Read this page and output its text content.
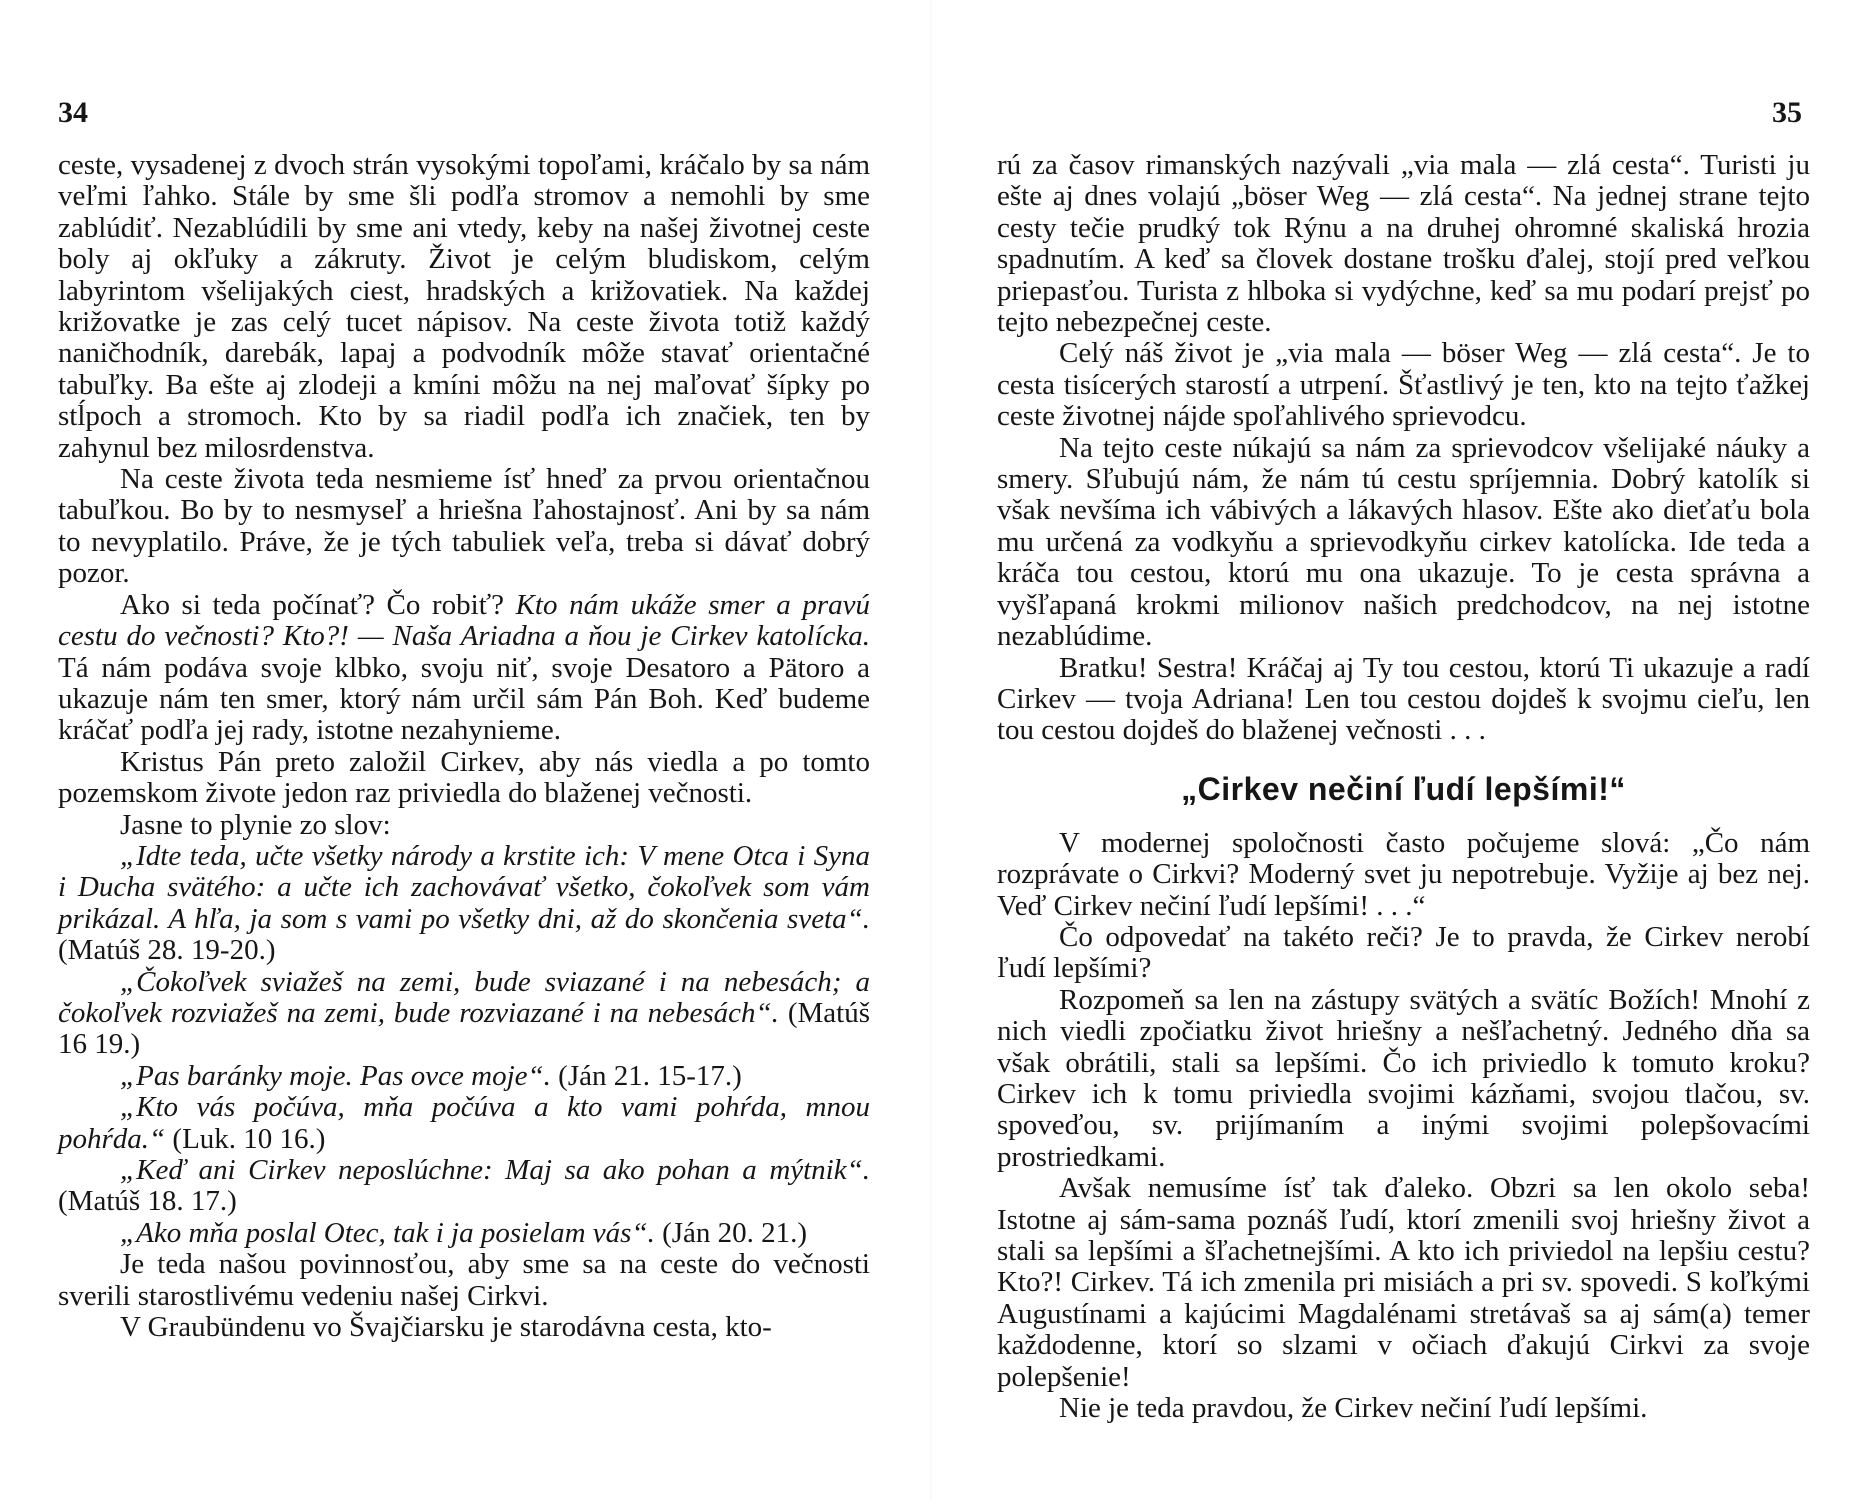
34

ceste, vysadenej z dvoch strán vysokými topoľami, kráčalo by sa nám veľmi ľahko. Stále by sme šli podľa stromov a nemohli by sme zablúdiť. Nezablúdili by sme ani vtedy, keby na našej životnej ceste boly aj okľuky a zákruty. Život je celým bludiskom, celým labyrintom všelijakých ciest, hradských a križovatiek. Na každej križovatke je zas celý tucet nápisov. Na ceste života totiž každý naničhodník, darebák, lapaj a podvodník môže stavať orientačné tabuľky. Ba ešte aj zlodeji a kmíni môžu na nej maľovať šípky po stĺpoch a stromoch. Kto by sa riadil podľa ich značiek, ten by zahynul bez milosrdenstva.

Na ceste života teda nesmieme ísť hneď za prvou orientačnou tabuľkou. Bo by to nesmyseľ a hriešna ľahostajnosť. Ani by sa nám to nevyplatilo. Práve, že je tých tabuliek veľa, treba si dávať dobrý pozor.

Ako si teda počínať? Čo robiť? Kto nám ukáže smer a pravú cestu do večnosti? Kto?! — Naša Ariadna a ňou je Cirkev katolícka. Tá nám podáva svoje klbko, svoju niť, svoje Desatoro a Pätoro a ukazuje nám ten smer, ktorý nám určil sám Pán Boh. Keď budeme kráčať podľa jej rady, istotne nezahynieme.

Kristus Pán preto založil Cirkev, aby nás viedla a po tomto pozemskom živote jedon raz priviedla do blaženej večnosti.

Jasne to plynie zo slov:

„Idte teda, učte všetky národy a krstite ich: V mene Otca i Syna i Ducha svätého: a učte ich zachovávať všetko, čokoľvek som vám prikázal. A hľa, ja som s vami po všetky dni, až do skončenia sveta“. (Matúš 28. 19-20.)

„Čokoľvek sviažeš na zemi, bude sviazané i na nebesách; a čokoľvek rozviažeš na zemi, bude rozviazané i na nebesách“. (Matúš 16 19.)

„Pas baránky moje. Pas ovce moje“. (Ján 21. 15-17.)

„Kto vás počúva, mňa počúva a kto vami pohŕda, mnou pohŕda.“ (Luk. 10 16.)

„Keď ani Cirkev neposlúchne: Maj sa ako pohan a mýtnik“. (Matúš 18. 17.)

„Ako mňa poslal Otec, tak i ja posielam vás“. (Ján 20. 21.)

Je teda našou povinnosťou, aby sme sa na ceste do večnosti sverili starostlivému vedeniu našej Cirkvi.

V Graubündenu vo Švajčiarsku je starodávna cesta, kto-

35

rú za časov rimanských nazývali „via mala — zlá cesta“. Turisti ju ešte aj dnes volajú „böser Weg — zlá cesta“. Na jednej strane tejto cesty tečie prudký tok Rýnu a na druhej ohromné skaliská hrozia spadnutím. A keď sa človek dostane trošku ďalej, stojí pred veľkou priepasťou. Turista z hlboka si vydýchne, keď sa mu podarí prejsť po tejto nebezpečnej ceste.

Celý náš život je „via mala — böser Weg — zlá cesta“. Je to cesta tisícerých starostí a utrpení. Šťastlivý je ten, kto na tejto ťažkej ceste životnej nájde spoľahlivého sprievodcu.

Na tejto ceste núkajú sa nám za sprievodcov všelijaké náuky a smery. Sľubujú nám, že nám tú cestu spríjemnia. Dobrý katolík si však nevšíma ich vábivých a lákavých hlasov. Ešte ako dieťaťu bola mu určená za vodkyňu a sprievodkyňu cirkev katolícka. Ide teda a kráča tou cestou, ktorú mu ona ukazuje. To je cesta správna a vyšľapaná krokmi milionov našich predchodcov, na nej istotne nezablúdime.

Bratku! Sestra! Kráčaj aj Ty tou cestou, ktorú Ti ukazuje a radí Cirkev — tvoja Adriana! Len tou cestou dojdeš k svojmu cieľu, len tou cestou dojdeš do blaženej večnosti . . .

„Cirkev nečiní ľudí lepšími!“

V modernej spoločnosti často počujeme slová: „Čo nám rozprávate o Cirkvi? Moderný svet ju nepotrebuje. Vyžije aj bez nej. Veď Cirkev nečiní ľudí lepšími! . . .“

Čo odpovedať na takéto reči? Je to pravda, že Cirkev nerobí ľudí lepšími?

Rozpomeň sa len na zástupy svätých a svätíc Božích! Mnohí z nich viedli zpočiatku život hriešny a nešľachetný. Jedného dňa sa však obrátili, stali sa lepšími. Čo ich priviedlo k tomuto kroku? Cirkev ich k tomu priviedla svojimi kázňami, svojou tlačou, sv. spoveďou, sv. prijímaním a inými svojimi polepšovacími prostriedkami.

Avšak nemusíme ísť tak ďaleko. Obzri sa len okolo seba! Istotne aj sám-sama poznáš ľudí, ktorí zmenili svoj hriešny život a stali sa lepšími a šľachetnejšími. A kto ich priviedol na lepšiu cestu? Kto?! Cirkev. Tá ich zmenila pri misiách a pri sv. spovedi. S koľkými Augustínami a kajúcimi Magdalénami stretávaš sa aj sám(a) temer každodenne, ktorí so slzami v očiach ďakujú Cirkvi za svoje polepšenie!

Nie je teda pravdou, že Cirkev nečiní ľudí lepšími.
